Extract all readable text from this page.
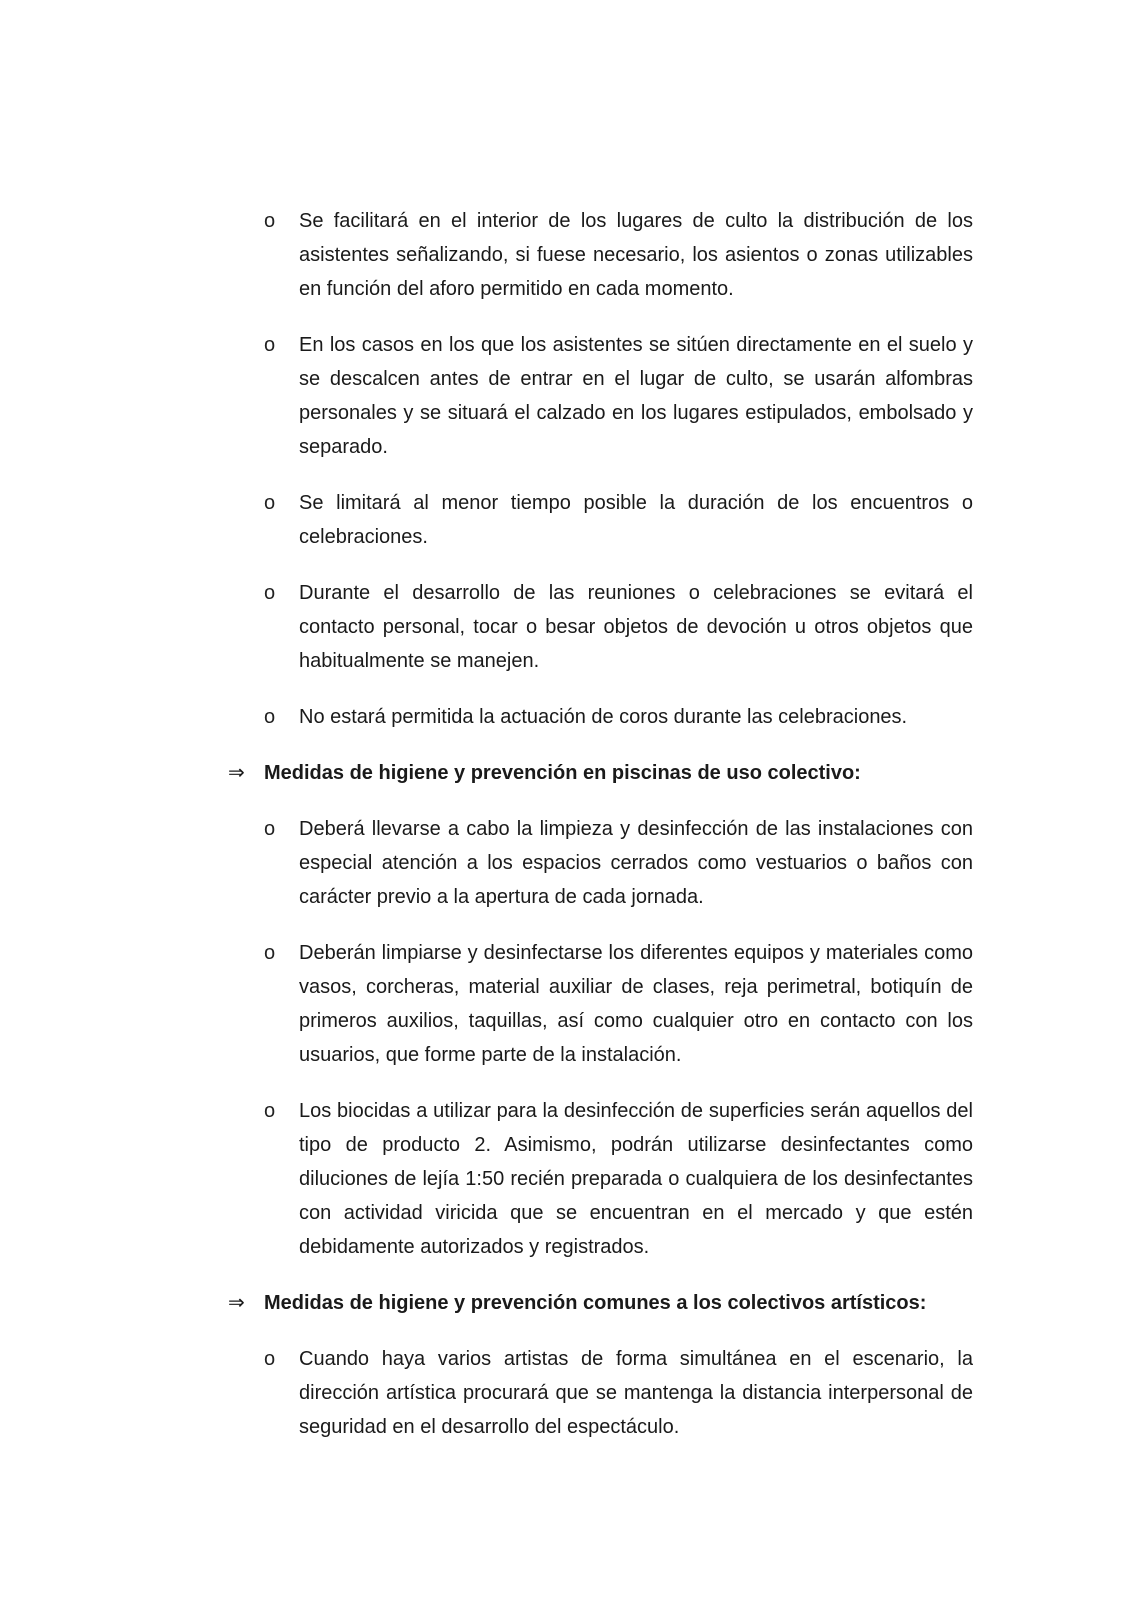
o Se facilitará en el interior de los lugares de culto la distribución de los asistentes señalizando, si fuese necesario, los asientos o zonas utilizables en función del aforo permitido en cada momento.

o En los casos en los que los asistentes se sitúen directamente en el suelo y se descalcen antes de entrar en el lugar de culto, se usarán alfombras personales y se situará el calzado en los lugares estipulados, embolsado y separado.

o Se limitará al menor tiempo posible la duración de los encuentros o celebraciones.

o Durante el desarrollo de las reuniones o celebraciones se evitará el contacto personal, tocar o besar objetos de devoción u otros objetos que habitualmente se manejen.

o No estará permitida la actuación de coros durante las celebraciones.

⇒ Medidas de higiene y prevención en piscinas de uso colectivo:
o Deberá llevarse a cabo la limpieza y desinfección de las instalaciones con especial atención a los espacios cerrados como vestuarios o baños con carácter previo a la apertura de cada jornada.

o Deberán limpiarse y desinfectarse los diferentes equipos y materiales como vasos, corcheras, material auxiliar de clases, reja perimetral, botiquín de primeros auxilios, taquillas, así como cualquier otro en contacto con los usuarios, que forme parte de la instalación.

o Los biocidas a utilizar para la desinfección de superficies serán aquellos del tipo de producto 2. Asimismo, podrán utilizarse desinfectantes como diluciones de lejía 1:50 recién preparada o cualquiera de los desinfectantes con actividad viricida que se encuentran en el mercado y que estén debidamente autorizados y registrados.

⇒ Medidas de higiene y prevención comunes a los colectivos artísticos:
o Cuando haya varios artistas de forma simultánea en el escenario, la dirección artística procurará que se mantenga la distancia interpersonal de seguridad en el desarrollo del espectáculo.
